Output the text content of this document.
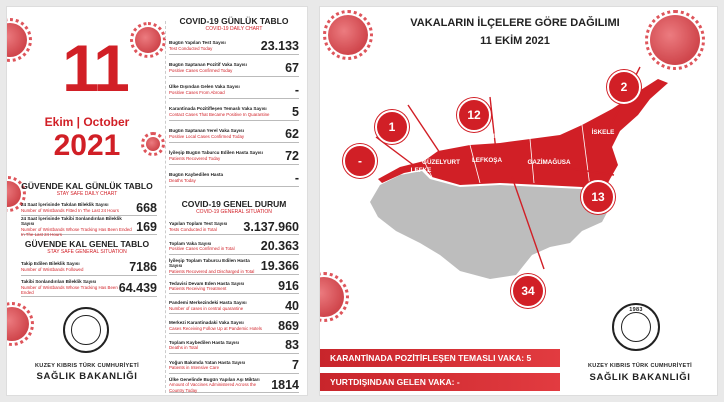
11
Ekim | October
2021
GÜVENDE KAL GÜNLÜK TABLO
STAY SAFE DAILY CHART
24 Saat İçerisinde Takılan Bileklik Sayısı
Number of Wristbands Fitted In The Last 24 Hours 668
24 Saat İçerisinde Takibi Sonlandırılan Bileklik Sayısı
Number of Wristbands Whose Tracking Has Been Ended In The Last 24 Hours
169
GÜVENDE KAL GENEL TABLO
STAY SAFE GENERAL SITUATION
Takip Edilen Bileklik Sayısı
Number of Wristbands Followed	7186
Takibi Sonlandırılan Bileklik Sayısı
Number of Wristbands Whose Tracking Has Been Ended	64.439
KUZEY KIBRIS TÜRK CUMHURİYETİ
SAĞLIK BAKANLIĞI
COVID-19 GÜNLÜK TABLO
COVID-19 DAILY CHART
Bugün Yapılan Test Sayısı
Test Conducted Today	23.133
Bugün Saptanan Pozitif Vaka Sayısı
Positive Cases Confirmed Today	67
Ülke Dışından Gelen Vaka Sayısı
Positive Cases From Abroad	-
Karantinada Pozitifleşen Temaslı Vaka Sayısı
Contact Cases That Became Positive In Quarantine 5
Bugün Saptanan Yerel Vaka Sayısı
Positive Local Cases Confirmed Today	62
İyileşip Bugün Taburcu Edilen Hasta Sayısı
Patients Recovered Today	72
Bugün Kaybedilen Hasta
Deaths Today	-
COVID-19 GENEL DURUM
COVID-19 GENERAL SITUATION
Yapılan Toplam Test Sayısı
Tests Conducted in Total	3.137.960
Toplam Vaka Sayısı
Positive Cases Confirmed in Total 20.363
İyileşip Toplam Taburcu Edilen Hasta Sayısı
Patients Recovered and Discharged in Total 19.366
Tedavisi Devam Eden Hasta Sayısı
Patients Receiving Treatment	916
Pandemi Merkezindeki Hasta Sayısı
Number of cases in central quarantine	40
Merkezi Karantinadaki Vaka Sayısı
Cases Receiving Follow Up at Pandemic Hotels 869
Toplam Kaybedilen Hasta Sayısı
Deaths in Total	83
Yoğun Bakımda Yatan Hasta Sayısı
Patients in Intensive Care	7
Ülke Genelinde Bugün Yapılan Aşı Miktarı
Amount of Vaccines Administered Across the Country Today	1814
VAKALARIN İLÇELERE GÖRE DAĞILIMI
11 EKİM 2021
-
LEFKE
1
GÜZELYURT
12
GİRNE
34
LEFKOŞA
13
GAZİMAĞUSA
2
İSKELE
KARANTİNADA POZİTİFLEŞEN TEMASLI VAKA: 5
YURTDIŞINDAN GELEN VAKA: -
1983
KUZEY KIBRIS TÜRK CUMHURİYETİ
SAĞLIK BAKANLIĞI
